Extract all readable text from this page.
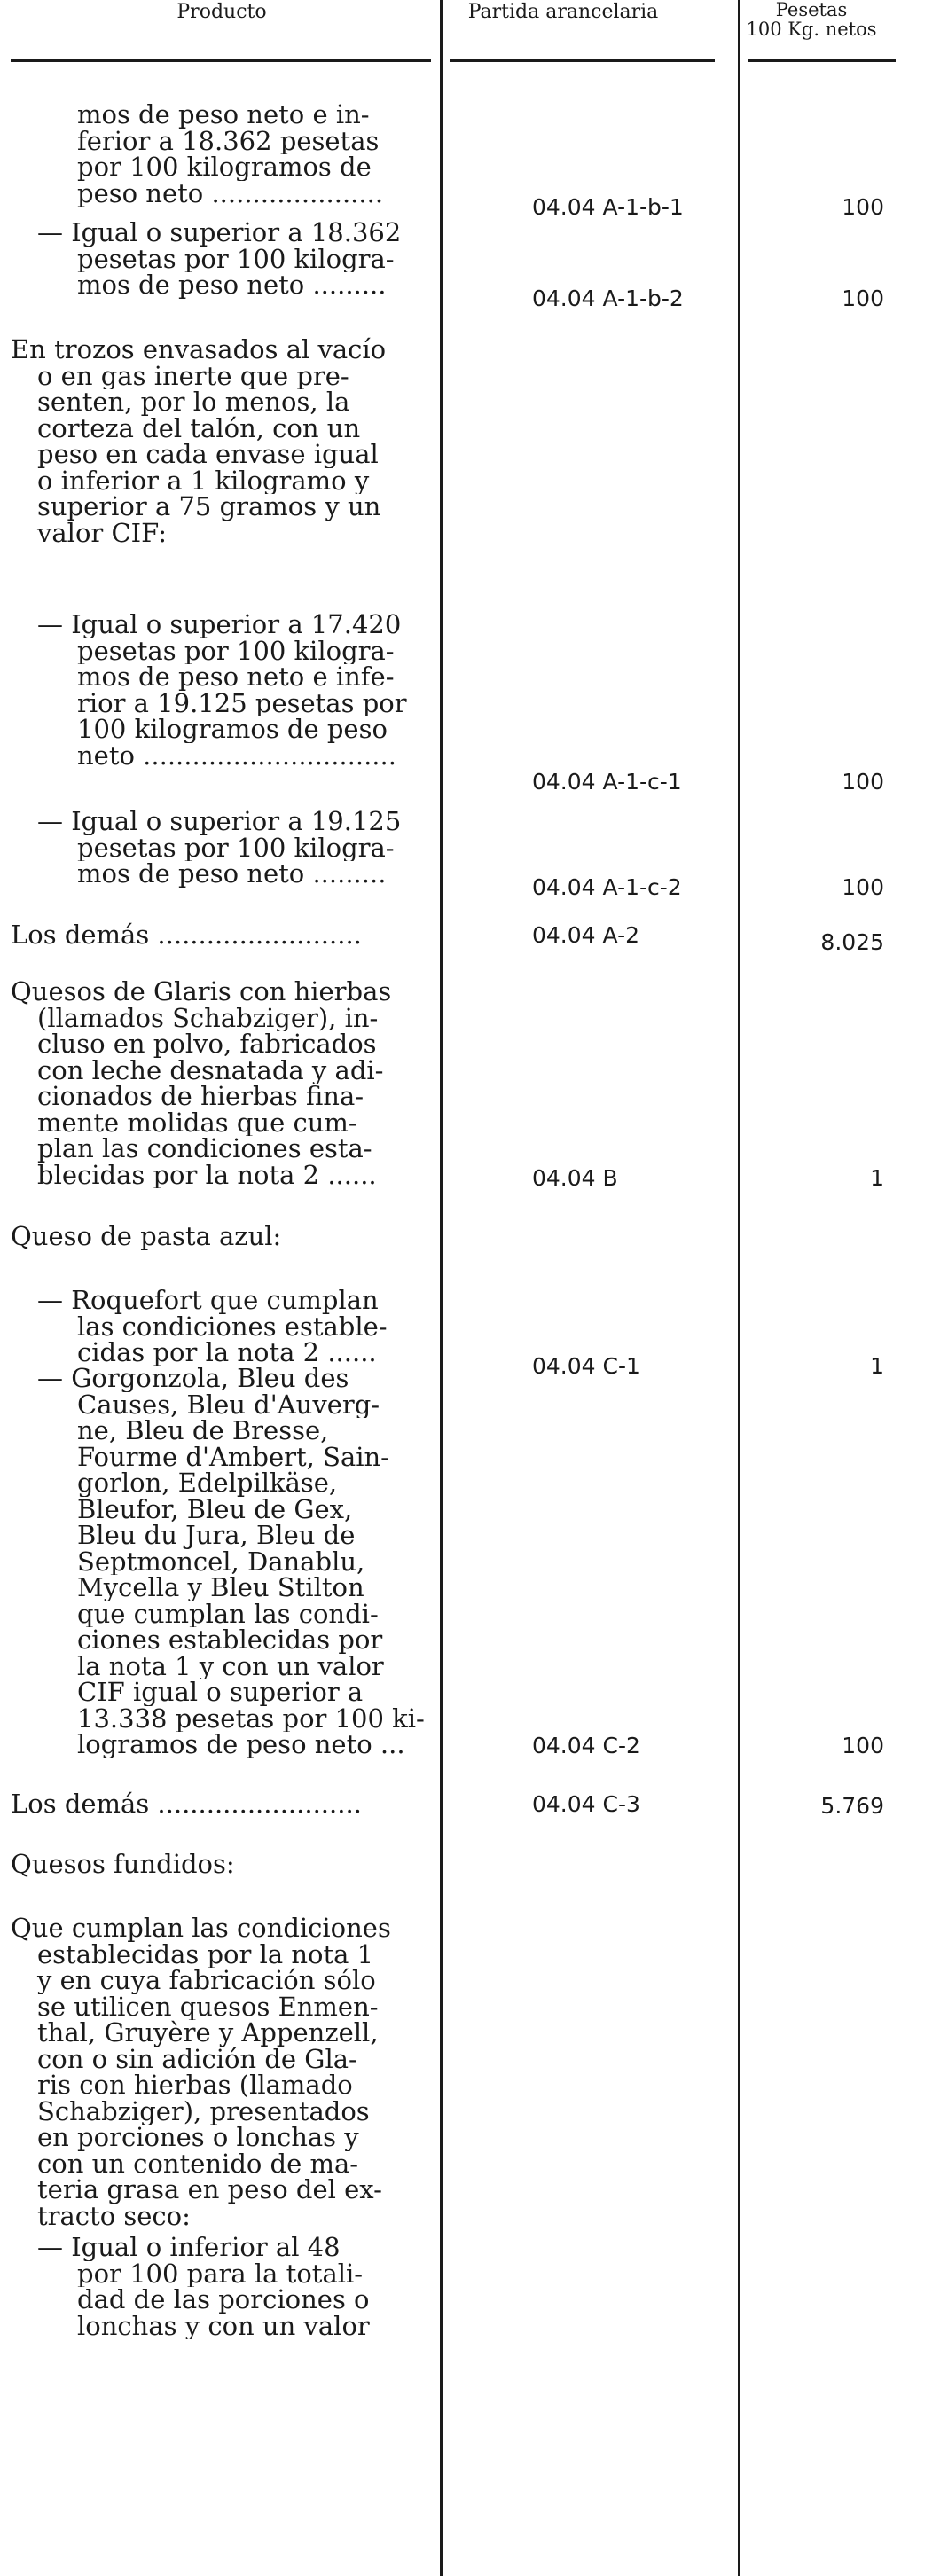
Producto	Partida arancelaria	Pesetas
100 Kg. netos
mos de peso neto e in-
ferior a 18.362 pesetas
por 100 kilogramos de
peso neto .....................	04.04 A-1-b-1	100
— Igual o superior a 18.362
pesetas por 100 kilogra-
mos de peso neto .........	04.04 A-1-b-2	100
En trozos envasados al vacío
o en gas inerte que pre-
senten, por lo menos, la
corteza del talón, con un
peso en cada envase igual
o inferior a 1 kilogramo y
superior a 75 gramos y un
valor CIF:
— Igual o superior a 17.420
pesetas por 100 kilogra-
mos de peso neto e infe-
rior a 19.125 pesetas por
100 kilogramos de peso
neto ...............................
04.04 A-1-c-1	100
— Igual o superior a 19.125
pesetas por 100 kilogra-
mos de peso neto .........	04.04 A-1-c-2	100
Los demás .........................	04.04 A-2	8.025
Quesos de Glaris con hierbas
(llamados Schabziger), in-
cluso en polvo, fabricados
con leche desnatada y adi-
cionados de hierbas fina-
mente molidas que cum-
plan las condiciones esta-
blecidas por la nota 2 ......	04.04 B	1
Queso de pasta azul:
— Roquefort que cumplan
las condiciones estable-
cidas por la nota 2 ......	04.04 C-1	1
— Gorgonzola, Bleu des
Causes, Bleu d'Auverg-
ne, Bleu de Bresse,
Fourme d'Ambert, Sain-
gorlon, Edelpilkäse,
Bleufor, Bleu de Gex,
Bleu du Jura, Bleu de
Septmoncel, Danablu,
Mycella y Bleu Stilton
que cumplan las condi-
ciones establecidas por
la nota 1 y con un valor
CIF igual o superior a
13.338 pesetas por 100 ki-
logramos de peso neto ...	04.04 C-2	100
Los demás .........................	04.04 C-3	5.769
Quesos fundidos:
Que cumplan las condiciones
establecidas por la nota 1
y en cuya fabricación sólo
se utilicen quesos Enmen-
thal, Gruyère y Appenzell,
con o sin adición de Gla-
ris con hierbas (llamado
Schabziger), presentados
en porciones o lonchas y
con un contenido de ma-
teria grasa en peso del ex-
tracto seco:
— Igual o inferior al 48
por 100 para la totali-
dad de las porciones o
lonchas y con un valor
